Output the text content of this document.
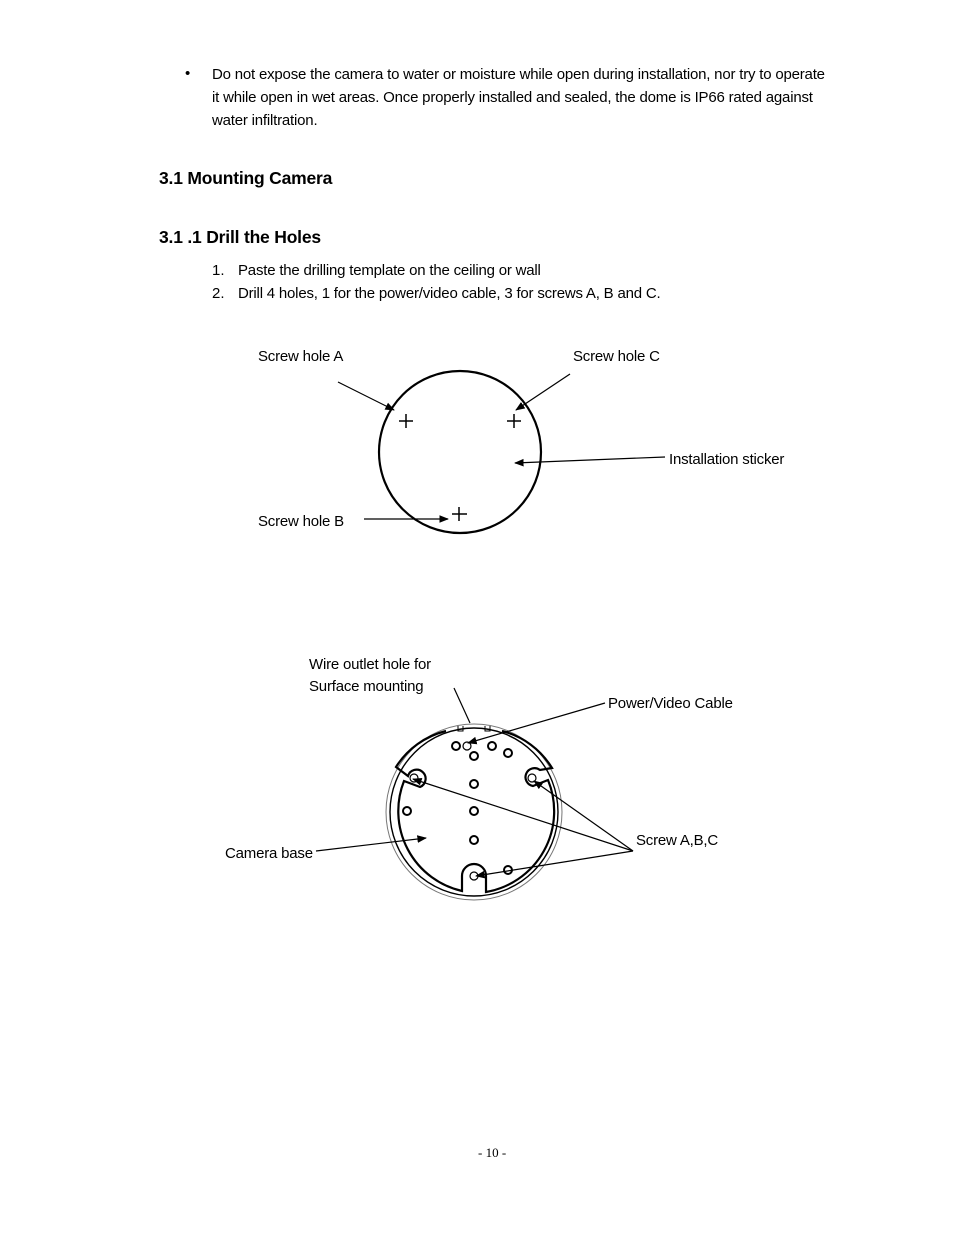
• Do not expose the camera to water or moisture while open during installation, nor try to operate
it while open in wet areas. Once properly installed and sealed, the dome is IP66 rated against
water infiltration.
3.1 Mounting Camera
3.1 .1 Drill the Holes
1. Paste the drilling template on the ceiling or wall
2. Drill 4 holes, 1 for the power/video cable, 3 for screws A, B and C.
Screw hole A	Screw hole C
Installation sticker
Screw hole B
Wire outlet hole for
Surface mounting
Power/Video Cable
Screw A,B,C
Camera base
- 10 -
